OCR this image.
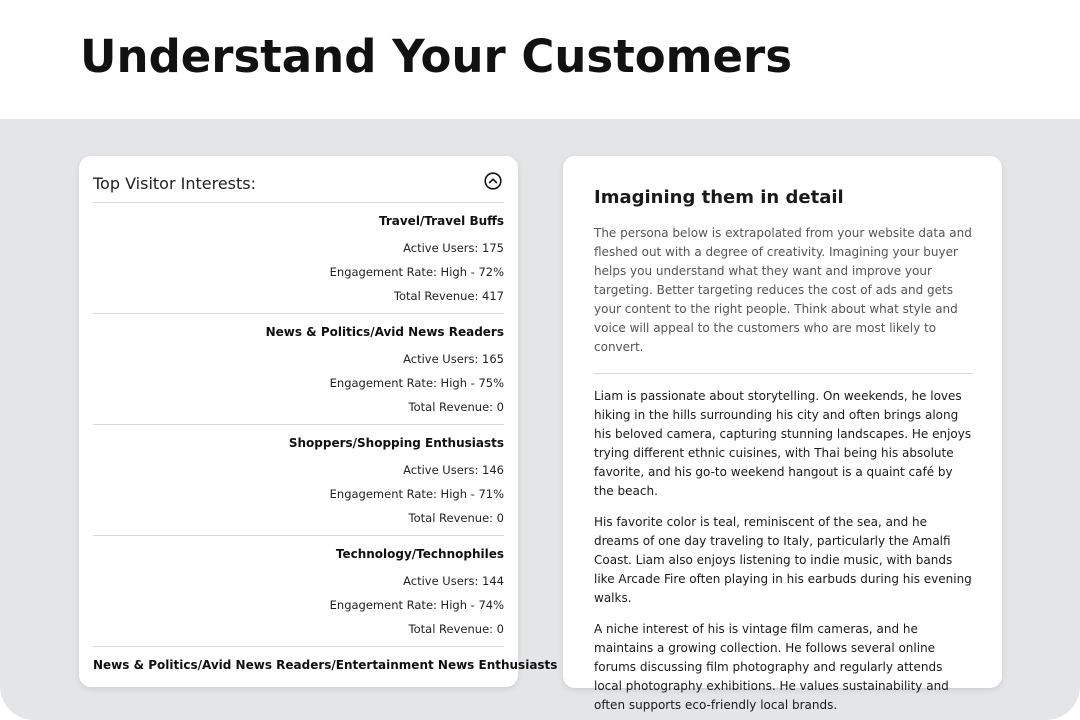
Understand Your Customers
Top Visitor Interests:
Travel/Travel Buffs
Active Users: 175
Engagement Rate: High - 72%
Total Revenue: 417
News & Politics/Avid News Readers
Active Users: 165
Engagement Rate: High - 75%
Total Revenue: 0
Shoppers/Shopping Enthusiasts
Active Users: 146
Engagement Rate: High - 71%
Total Revenue: 0
Technology/Technophiles
Active Users: 144
Engagement Rate: High - 74%
Total Revenue: 0
News & Politics/Avid News Readers/Entertainment News Enthusiasts
Imagining them in detail

The persona below is extrapolated from your website data and fleshed out with a degree of creativity. Imagining your buyer helps you understand what they want and improve your targeting. Better targeting reduces the cost of ads and gets your content to the right people. Think about what style and voice will appeal to the customers who are most likely to convert.

Liam is passionate about storytelling. On weekends, he loves hiking in the hills surrounding his city and often brings along his beloved camera, capturing stunning landscapes. He enjoys trying different ethnic cuisines, with Thai being his absolute favorite, and his go-to weekend hangout is a quaint café by the beach.

His favorite color is teal, reminiscent of the sea, and he dreams of one day traveling to Italy, particularly the Amalfi Coast. Liam also enjoys listening to indie music, with bands like Arcade Fire often playing in his earbuds during his evening walks.

A niche interest of his is vintage film cameras, and he maintains a growing collection. He follows several online forums discussing film photography and regularly attends local photography exhibitions. He values sustainability and often supports eco-friendly local brands.
